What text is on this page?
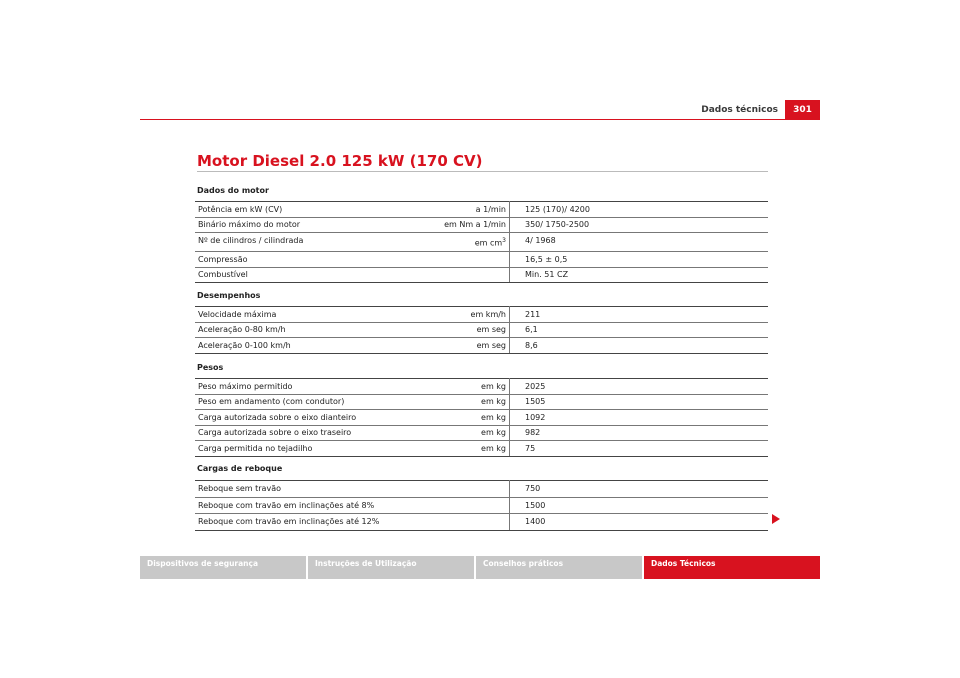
Dados técnicos	301
Motor Diesel 2.0 125 kW (170 CV)
Dados do motor
Potência em kW (CV)	a 1/min	125 (170)/ 4200
Binário máximo do motor	em Nm a 1/min	350/ 1750-2500
Nº de cilindros / cilindrada	em $cm^3$	4/ 1968
Compressão		16,5 ± 0,5
Combustível		Min. 51 CZ
Desempenhos
Velocidade máxima	em km/h	211
Aceleração 0-80 km/h	em seg	6,1
Aceleração 0-100 km/h	em seg	8,6
Pesos
Peso máximo permitido	em kg	2025
Peso em andamento (com condutor)	em kg	1505
Carga autorizada sobre o eixo dianteiro	em kg	1092
Carga autorizada sobre o eixo traseiro	em kg	982
Carga permitida no tejadilho	em kg	75
Cargas de reboque
Reboque sem travão		750
Reboque com travão em inclinações até 8%		1500
Reboque com travão em inclinações até 12%		1400
Dispositivos de segurança	Instruções de Utilização	Conselhos práticos	Dados Técnicos
